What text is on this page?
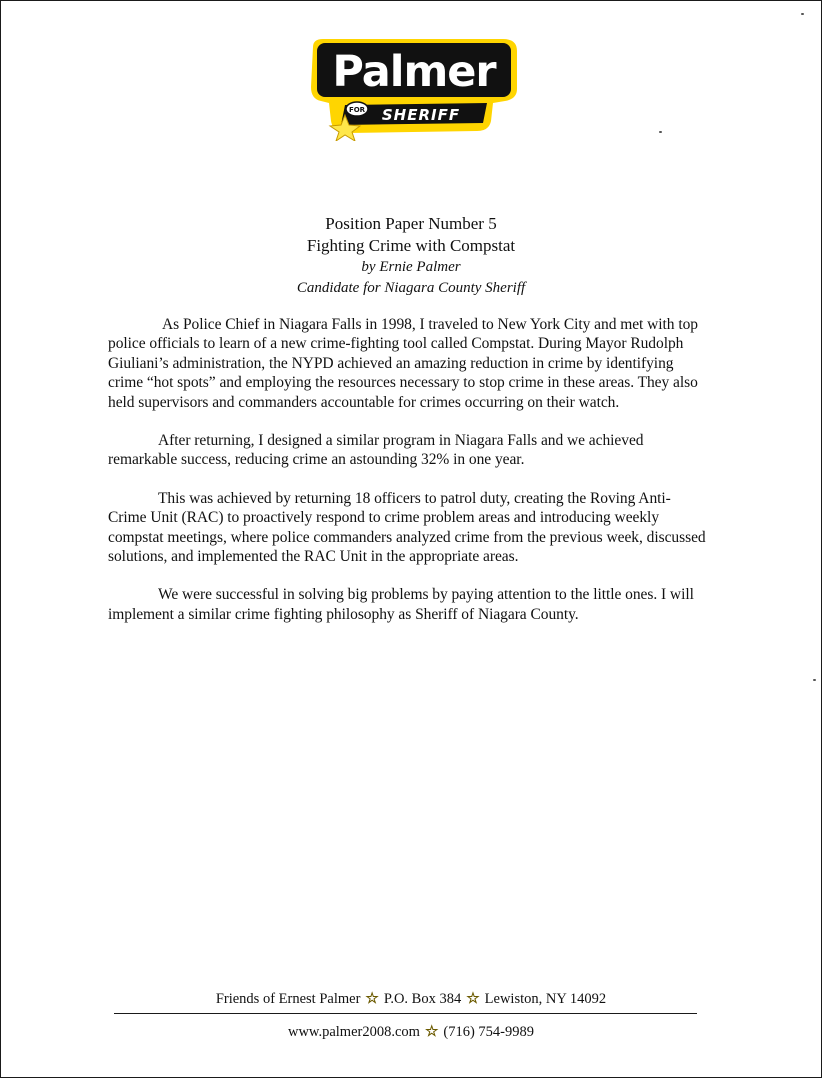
Palmer
SHERIFF
FOR
Position Paper Number 5
Fighting Crime with Compstat
by Ernie Palmer
Candidate for Niagara County Sheriff

As Police Chief in Niagara Falls in 1998, I traveled to New York City and met with top police officials to learn of a new crime-fighting tool called Compstat. During Mayor Rudolph Giuliani’s administration, the NYPD achieved an amazing reduction in crime by identifying crime “hot spots” and employing the resources necessary to stop crime in these areas. They also held supervisors and commanders accountable for crimes occurring on their watch.

After returning, I designed a similar program in Niagara Falls and we achieved remarkable success, reducing crime an astounding 32% in one year.

This was achieved by returning 18 officers to patrol duty, creating the Roving Anti-Crime Unit (RAC) to proactively respond to crime problem areas and introducing weekly compstat meetings, where police commanders analyzed crime from the previous week, discussed solutions, and implemented the RAC Unit in the appropriate areas.

We were successful in solving big problems by paying attention to the little ones. I will implement a similar crime fighting philosophy as Sheriff of Niagara County.

Friends of Ernest Palmer ☆ P.O. Box 384 ☆ Lewiston, NY 14092
www.palmer2008.com ☆ (716) 754-9989
